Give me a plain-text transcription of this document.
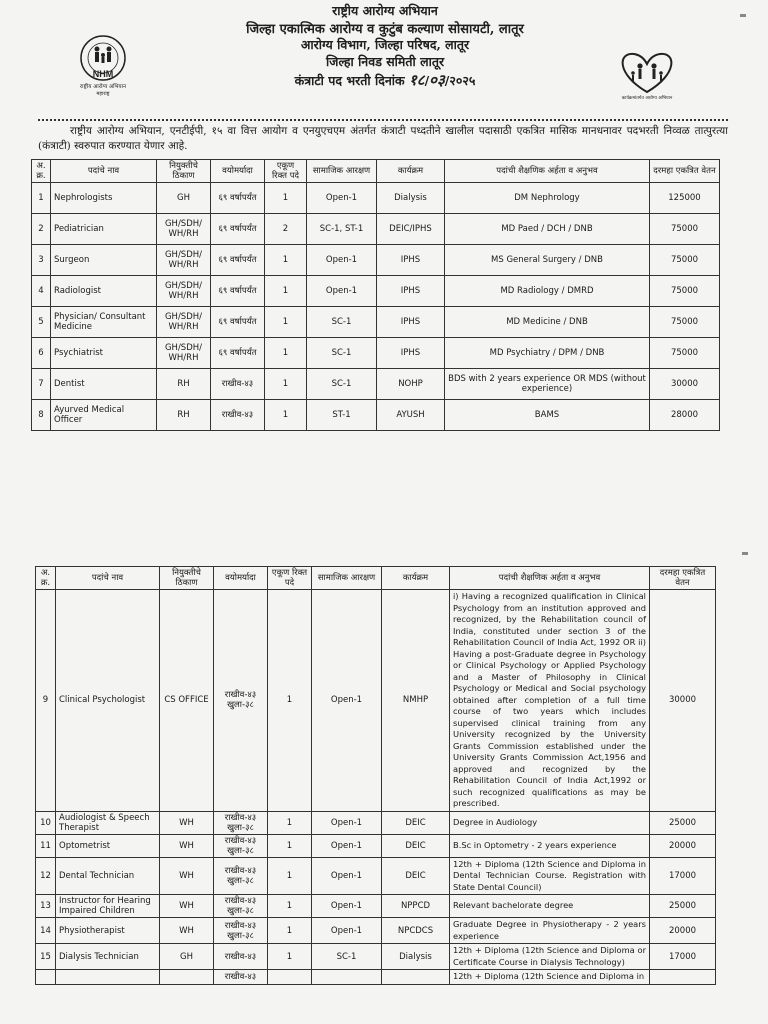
राष्ट्रीय आरोग्य अभियान
जिल्हा एकात्मिक आरोग्य व कुटुंब कल्याण सोसायटी, लातूर
आरोग्य विभाग, जिल्हा परिषद, लातूर
जिल्हा निवड समिती लातूर
कंत्राटी पद भरती दिनांक १८/०३/२०२५
NHM
राष्ट्रीय आरोग्य अभियान
महाराष्ट्र
कार्यक्रमांतर्गत आरोग्य अभियान
राष्ट्रीय आरोग्य अभियान, एनटीईपी, १५ वा वित्त आयोग व एनयुएचएम अंतर्गत कंत्राटी पध्दतीने खालील पदासाठी एकत्रित मासिक मानधनावर पदभरती निव्वळ तात्पुरत्या (कंत्राटी) स्वरुपात करण्यात येणार आहे.
अ. क्र.	पदांचे नाव	नियुक्तीचे ठिकाण	वयोमर्यादा	एकूण रिक्त पदे	सामाजिक आरक्षण	कार्यक्रम	पदांची शैक्षणिक अर्हता व अनुभव	दरमहा एकत्रित वेतन
1	Nephrologists	GH	६९ वर्षापर्यंत	1	Open-1	Dialysis	DM Nephrology	125000
2	Pediatrician	GH/SDH/ WH/RH	६९ वर्षापर्यंत	2	SC-1, ST-1	DEIC/IPHS	MD Paed / DCH / DNB	75000
3	Surgeon	GH/SDH/ WH/RH	६९ वर्षापर्यंत	1	Open-1	IPHS	MS General Surgery / DNB	75000
4	Radiologist	GH/SDH/ WH/RH	६९ वर्षापर्यंत	1	Open-1	IPHS	MD Radiology / DMRD	75000
5	Physician/ Consultant Medicine	GH/SDH/ WH/RH	६९ वर्षापर्यंत	1	SC-1	IPHS	MD Medicine / DNB	75000
6	Psychiatrist	GH/SDH/ WH/RH	६९ वर्षापर्यंत	1	SC-1	IPHS	MD Psychiatry / DPM / DNB	75000
7	Dentist	RH	राखीव-४३	1	SC-1	NOHP	BDS with 2 years experience OR MDS (without experience)	30000
8	Ayurved Medical Officer	RH	राखीव-४३	1	ST-1	AYUSH	BAMS	28000
अ. क्र.	पदांचे नाव	नियुक्तीचे ठिकाण	वयोमर्यादा	एकूण रिक्त पदे	सामाजिक आरक्षण	कार्यक्रम	पदांची शैक्षणिक अर्हता व अनुभव	दरमहा एकत्रित वेतन
9	Clinical Psychologist	CS OFFICE	राखीव-४३ खुला-३८	1	Open-1	NMHP	i) Having a recognized qualification in Clinical Psychology from an institution approved and recognized, by the Rehabilitation council of India, constituted under section 3 of the Rehabilitation Council of India Act, 1992 OR ii) Having a post-Graduate degree in Psychology or Clinical Psychology or Applied Psychology and a Master of Philosophy in Clinical Psychology or Medical and Social psychology obtained after completion of a full time course of two years which includes supervised clinical training from any University recognized by the University Grants Commission established under the University Grants Commission Act,1956 and approved and recognized by the Rehabilitation Council of India Act,1992 or such recognized qualifications as may be prescribed.	30000
10	Audiologist & Speech Therapist	WH	राखीव-४३ खुला-३८	1	Open-1	DEIC	Degree in Audiology	25000
11	Optometrist	WH	राखीव-४३ खुला-३८	1	Open-1	DEIC	B.Sc in Optometry - 2 years experience	20000
12	Dental Technician	WH	राखीव-४३ खुला-३८	1	Open-1	DEIC	12th + Diploma (12th Science and Diploma in Dental Technician Course. Registration with State Dental Council)	17000
13	Instructor for Hearing Impaired Children	WH	राखीव-४३ खुला-३८	1	Open-1	NPPCD	Relevant bachelorate degree	25000
14	Physiotherapist	WH	राखीव-४३ खुला-३८	1	Open-1	NPCDCS	Graduate Degree in Physiotherapy - 2 years experience	20000
15	Dialysis Technician	GH	राखीव-४३	1	SC-1	Dialysis	12th + Diploma (12th Science and Diploma or Certificate Course in Dialysis Technology)	17000
			राखीव-४३				12th + Diploma (12th Science and Diploma in	
